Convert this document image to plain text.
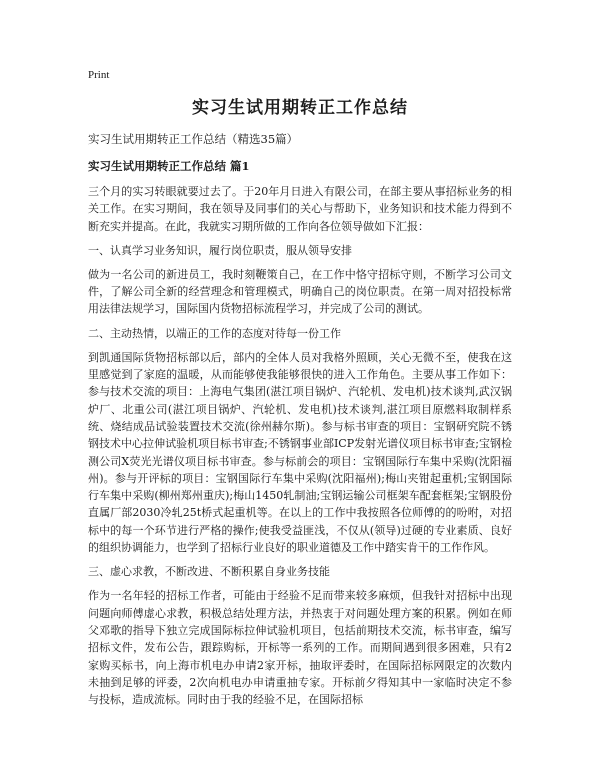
Print
实习生试用期转正工作总结
实习生试用期转正工作总结（精选35篇）
实习生试用期转正工作总结 篇1
三个月的实习转眼就要过去了。于20年月日进入有限公司，在部主要从事招标业务的相关工作。在实习期间，我在领导及同事们的关心与帮助下，业务知识和技术能力得到不断充实并提高。在此，我就实习期所做的工作向各位领导做如下汇报：
一、认真学习业务知识，履行岗位职责，服从领导安排
做为一名公司的新进员工，我时刻鞭策自己，在工作中恪守招标守则，不断学习公司文件，了解公司全新的经营理念和管理模式，明确自己的岗位职责。在第一周对招投标常用法律法规学习，国际国内货物招标流程学习，并完成了公司的测试。
二、主动热情，以端正的工作的态度对待每一份工作
到凯通国际货物招标部以后，部内的全体人员对我格外照顾，关心无微不至，使我在这里感觉到了家庭的温暖，从而能够使我能够很快的进入工作角色。主要从事工作如下：参与技术交流的项目：上海电气集团(湛江项目锅炉、汽轮机、发电机)技术谈判,武汉锅炉厂、北重公司(湛江项目锅炉、汽轮机、发电机)技术谈判,湛江项目原燃料取制样系统、烧结成品试验装置技术交流(徐州赫尔斯)。参与标书审查的项目：宝钢研究院不锈钢技术中心拉伸试验机项目标书审查;不锈钢事业部ICP发射光谱仪项目标书审查;宝钢检测公司X荧光光谱仪项目标书审查。参与标前会的项目：宝钢国际行车集中采购(沈阳福州)。参与开评标的项目：宝钢国际行车集中采购(沈阳福州);梅山夹钳起重机;宝钢国际行车集中采购(柳州郑州重庆);梅山1450轧制油;宝钢运输公司框架车配套框架;宝钢股份直属厂部2030冷轧25t桥式起重机等。在以上的工作中我按照各位师傅的的吩咐，对招标中的每一个环节进行严格的操作;使我受益匪浅，不仅从(领导)过硬的专业素质、良好的组织协调能力，也学到了招标行业良好的职业道德及工作中踏实肯干的工作作风。
三、虚心求教，不断改进、不断积累自身业务技能
作为一名年轻的招标工作者，可能由于经验不足而带来较多麻烦，但我针对招标中出现问题向师傅虚心求教，积极总结处理方法，并热衷于对问题处理方案的积累。例如在师父邓歌的指导下独立完成国际标拉伸试验机项目，包括前期技术交流，标书审查，编写招标文件，发布公告，跟踪购标，开标等一系列的工作。而期间遇到很多困难，只有2家购买标书，向上海市机电办申请2家开标，抽取评委时，在国际招标网限定的次数内未抽到足够的评委，2次向机电办申请重抽专家。开标前夕得知其中一家临时决定不参与投标，造成流标。同时由于我的经验不足，在国际招标
